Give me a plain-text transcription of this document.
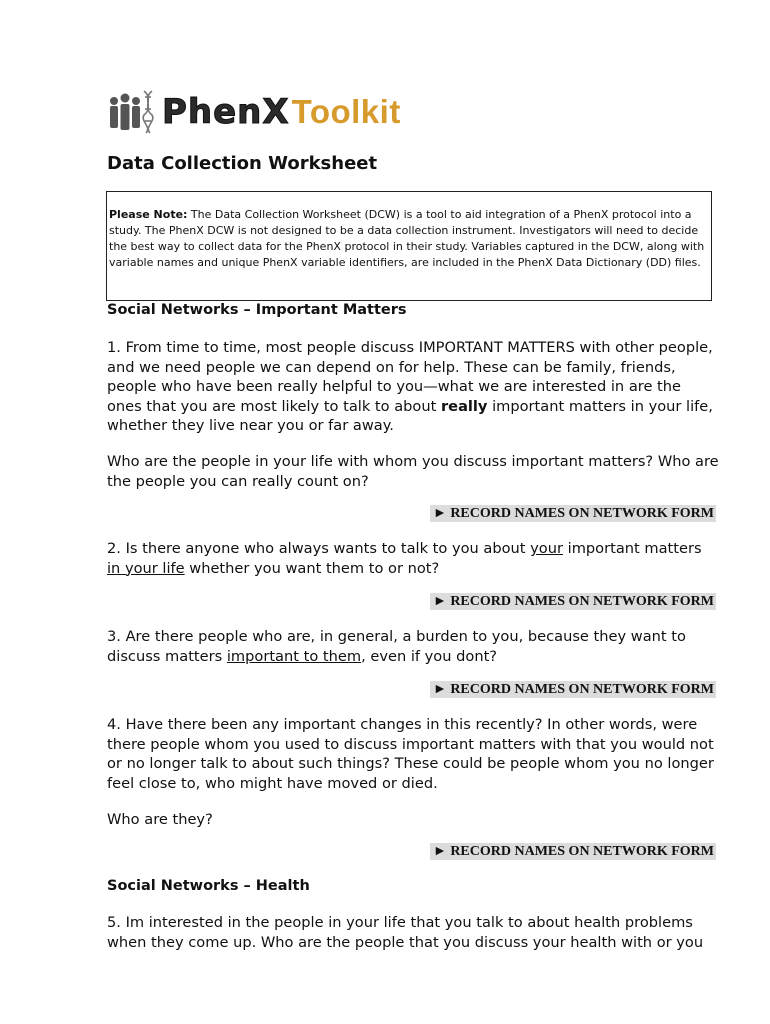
PhenX Toolkit
Data Collection Worksheet
Please Note: The Data Collection Worksheet (DCW) is a tool to aid integration of a PhenX protocol into a study. The PhenX DCW is not designed to be a data collection instrument. Investigators will need to decide the best way to collect data for the PhenX protocol in their study. Variables captured in the DCW, along with variable names and unique PhenX variable identifiers, are included in the PhenX Data Dictionary (DD) files.
Social Networks – Important Matters
1. From time to time, most people discuss IMPORTANT MATTERS with other people, and we need people we can depend on for help. These can be family, friends, people who have been really helpful to you—what we are interested in are the ones that you are most likely to talk to about really important matters in your life, whether they live near you or far away.
Who are the people in your life with whom you discuss important matters? Who are the people you can really count on?
► RECORD NAMES ON NETWORK FORM
2. Is there anyone who always wants to talk to you about your important matters in your life whether you want them to or not?
► RECORD NAMES ON NETWORK FORM
3. Are there people who are, in general, a burden to you, because they want to discuss matters important to them, even if you dont?
► RECORD NAMES ON NETWORK FORM
4. Have there been any important changes in this recently? In other words, were there people whom you used to discuss important matters with that you would not or no longer talk to about such things? These could be people whom you no longer feel close to, who might have moved or died.
Who are they?
► RECORD NAMES ON NETWORK FORM
Social Networks – Health
5. Im interested in the people in your life that you talk to about health problems when they come up. Who are the people that you discuss your health with or you
